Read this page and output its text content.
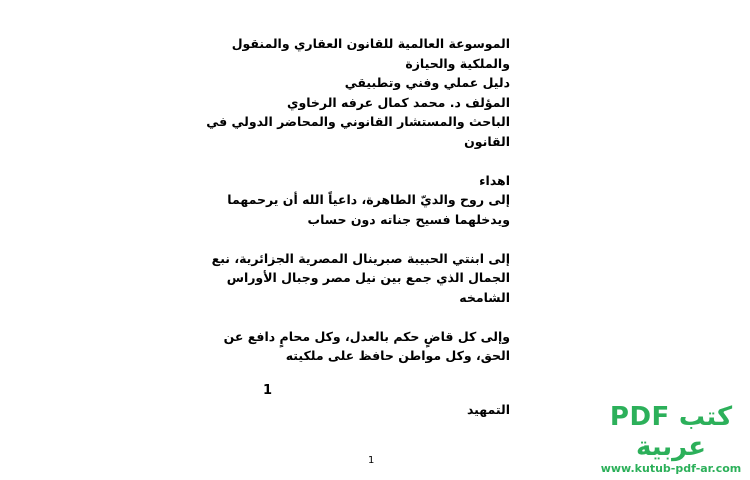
الموسوعة العالمية للقانون العقاري والمنقول
والملكية والحيازة
دليل عملي وفني وتطبيقي
المؤلف د. محمد كمال عرفه الرخاوي
الباحث والمستشار القانوني والمحاضر الدولي في
القانون
اهداء
إلى روح والديّ الطاهرة، داعياً الله أن يرحمهما
ويدخلهما فسيح جناته دون حساب
إلى ابنتي الحبيبة صبرينال المصرية الجزائرية، نبع
الجمال الذي جمع بين نيل مصر وجبال الأوراس
الشامخه
وإلى كل قاضٍ حكم بالعدل، وكل محامٍ دافع عن
الحق، وكل مواطن حافظ على ملكيته
1
التمهيد
1
كتب PDF عربية
www.kutub-pdf-ar.com
